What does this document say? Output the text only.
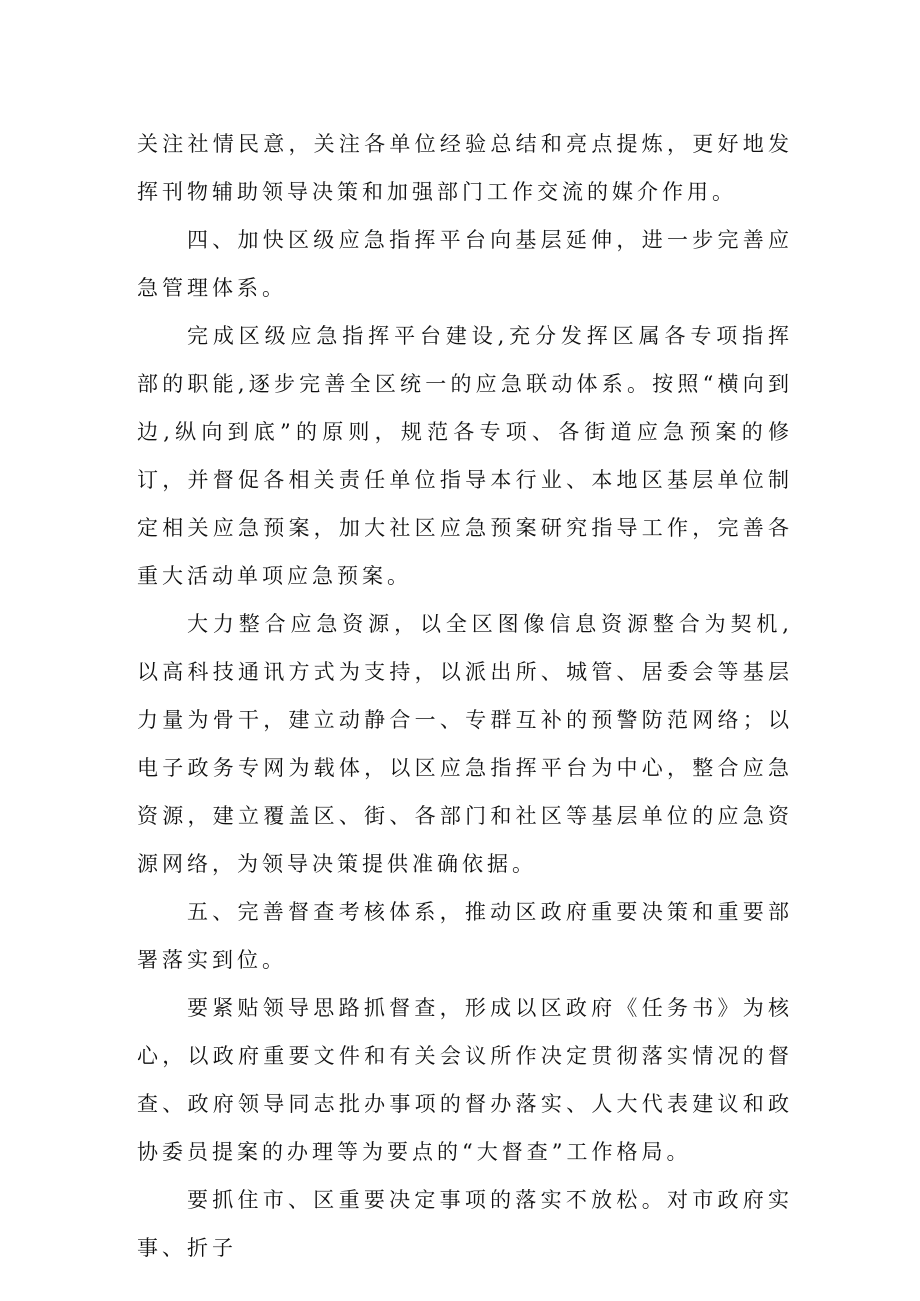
关注社情民意，关注各单位经验总结和亮点提炼，更好地发挥刊物辅助领导决策和加强部门工作交流的媒介作用。

四、加快区级应急指挥平台向基层延伸，进一步完善应急管理体系。

完成区级应急指挥平台建设,充分发挥区属各专项指挥部的职能,逐步完善全区统一的应急联动体系。按照“横向到边,纵向到底”的原则，规范各专项、各街道应急预案的修订，并督促各相关责任单位指导本行业、本地区基层单位制定相关应急预案，加大社区应急预案研究指导工作，完善各重大活动单项应急预案。

大力整合应急资源，以全区图像信息资源整合为契机,以高科技通讯方式为支持，以派出所、城管、居委会等基层力量为骨干，建立动静合一、专群互补的预警防范网络；以电子政务专网为载体，以区应急指挥平台为中心，整合应急资源，建立覆盖区、街、各部门和社区等基层单位的应急资源网络，为领导决策提供准确依据。

五、完善督查考核体系，推动区政府重要决策和重要部署落实到位。

要紧贴领导思路抓督查，形成以区政府《任务书》为核心，以政府重要文件和有关会议所作决定贯彻落实情况的督查、政府领导同志批办事项的督办落实、人大代表建议和政协委员提案的办理等为要点的“大督查”工作格局。

要抓住市、区重要决定事项的落实不放松。对市政府实事、折子
